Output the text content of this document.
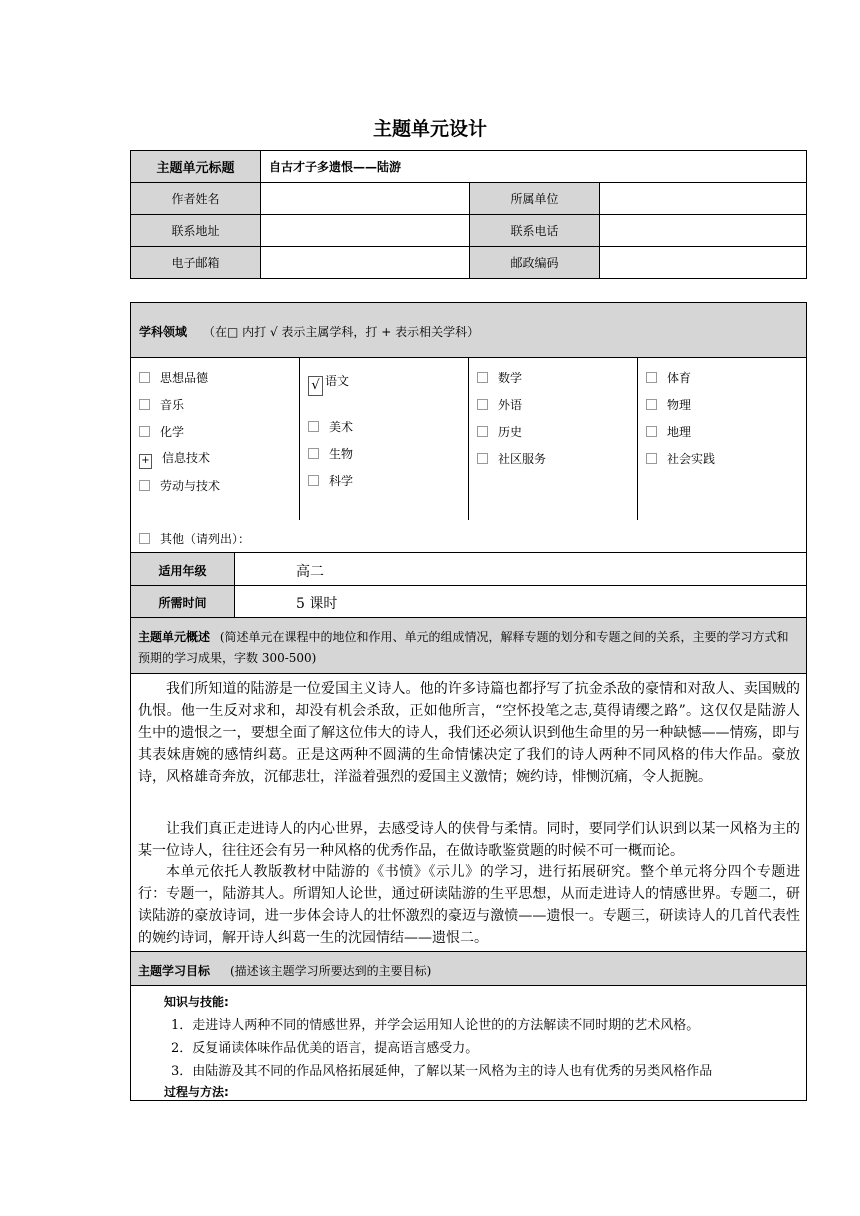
主题单元设计
主题单元标题	自古才子多遗恨——陆游		
作者姓名		所属单位	
联系地址		联系电话	
电子邮箱		邮政编码	
学科领域 （在□ 内打 √ 表示主属学科，打 + 表示相关学科）
思想品德
音乐
化学
+ 信息技术
劳动与技术
√ 语文
美术
生物
科学
数学
外语
历史
社区服务
体育
物理
地理
社会实践
其他（请列出）：
适用年级	高二
所需时间	5 课时
主题单元概述 (简述单元在课程中的地位和作用、单元的组成情况，解释专题的划分和专题之间的关系，主要的学习方式和预期的学习成果，字数 300-500)
我们所知道的陆游是一位爱国主义诗人。他的许多诗篇也都抒写了抗金杀敌的豪情和对敌人、卖国贼的仇恨。他一生反对求和，却没有机会杀敌，正如他所言，“空怀投笔之志,莫得请缨之路”。这仅仅是陆游人生中的遗恨之一，要想全面了解这位伟大的诗人，我们还必须认识到他生命里的另一种缺憾——情殇，即与其表妹唐婉的感情纠葛。正是这两种不圆满的生命情愫决定了我们的诗人两种不同风格的伟大作品。豪放诗，风格雄奇奔放，沉郁悲壮，洋溢着强烈的爱国主义激情；婉约诗，悱恻沉痛，令人扼腕。
让我们真正走进诗人的内心世界，去感受诗人的侠骨与柔情。同时，要同学们认识到以某一风格为主的某一位诗人，往往还会有另一种风格的优秀作品，在做诗歌鉴赏题的时候不可一概而论。
本单元依托人教版教材中陆游的《书愤》《示儿》的学习，进行拓展研究。整个单元将分四个专题进行：专题一，陆游其人。所谓知人论世，通过研读陆游的生平思想，从而走进诗人的情感世界。专题二，研读陆游的豪放诗词，进一步体会诗人的壮怀激烈的豪迈与激愤——遗恨一。专题三，研读诗人的几首代表性的婉约诗词，解开诗人纠葛一生的沈园情结——遗恨二。
主题学习目标 (描述该主题学习所要达到的主要目标)
知识与技能:
1．走进诗人两种不同的情感世界，并学会运用知人论世的的方法解读不同时期的艺术风格。
2．反复诵读体味作品优美的语言，提高语言感受力。
3．由陆游及其不同的作品风格拓展延伸，了解以某一风格为主的诗人也有优秀的另类风格作品
过程与方法:
